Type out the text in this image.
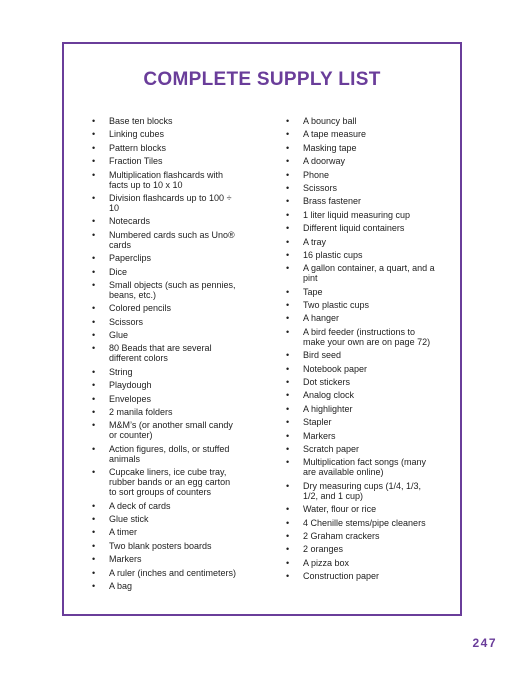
COMPLETE SUPPLY LIST
• Base ten blocks
• Linking cubes
• Pattern blocks
• Fraction Tiles
• Multiplication flashcards with facts up to 10 x 10
• Division flashcards up to 100 ÷ 10
• Notecards
• Numbered cards such as Uno® cards
• Paperclips
• Dice
• Small objects (such as pennies, beans, etc.)
• Colored pencils
• Scissors
• Glue
• 80 Beads that are several different colors
• String
• Playdough
• Envelopes
• 2 manila folders
• M&M’s (or another small candy or counter)
• Action figures, dolls, or stuffed animals
• Cupcake liners, ice cube tray, rubber bands or an egg carton to sort groups of counters
• A deck of cards
• Glue stick
• A timer
• Two blank posters boards
• Markers
• A ruler (inches and centimeters)
• A bag
• A bouncy ball
• A tape measure
• Masking tape
• A doorway
• Phone
• Scissors
• Brass fastener
• 1 liter liquid measuring cup
• Different liquid containers
• A tray
• 16 plastic cups
• A gallon container, a quart, and a pint
• Tape
• Two plastic cups
• A hanger
• A bird feeder (instructions to make your own are on page 72)
• Bird seed
• Notebook paper
• Dot stickers
• Analog clock
• A highlighter
• Stapler
• Markers
• Scratch paper
• Multiplication fact songs (many are available online)
• Dry measuring cups (1/4, 1/3, 1/2, and 1 cup)
• Water, flour or rice
• 4 Chenille stems/pipe cleaners
• 2 Graham crackers
• 2 oranges
• A pizza box
• Construction paper
247
